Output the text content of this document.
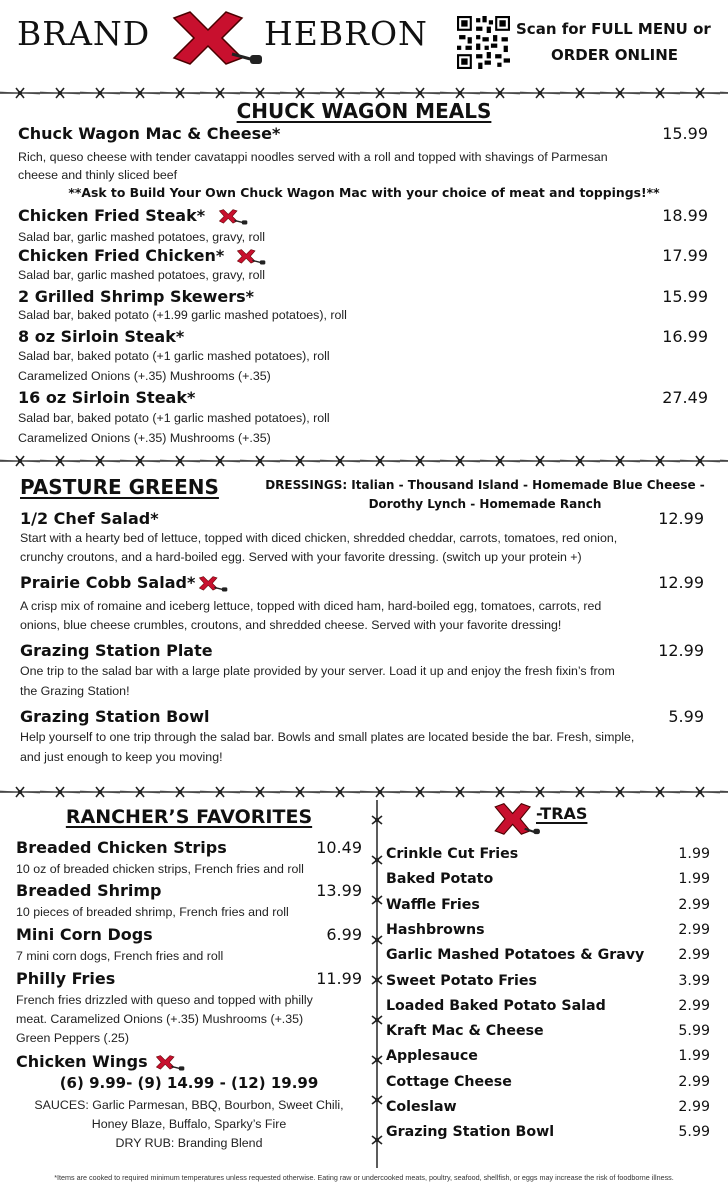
BRAND	HEBRON	Scan for FULL MENU or
ORDER ONLINE
CHUCK WAGON MEALS
Chuck Wagon Mac & Cheese*	15.99
Rich, queso cheese with tender cavatappi noodles served with a roll and topped with shavings of Parmesan
cheese and thinly sliced beef
**Ask to Build Your Own Chuck Wagon Mac with your choice of meat and toppings!**
Chicken Fried Steak*	18.99
Salad bar, garlic mashed potatoes, gravy, roll
Chicken Fried Chicken*	17.99
Salad bar, garlic mashed potatoes, gravy, roll
2 Grilled Shrimp Skewers*	15.99
Salad bar, baked potato (+1.99 garlic mashed potatoes), roll
8 oz Sirloin Steak*	16.99
Salad bar, baked potato (+1 garlic mashed potatoes), roll
Caramelized Onions (+.35) Mushrooms (+.35)
16 oz Sirloin Steak*	27.49
Salad bar, baked potato (+1 garlic mashed potatoes), roll
Caramelized Onions (+.35) Mushrooms (+.35)
PASTURE GREENS	DRESSINGS: Italian - Thousand Island - Homemade Blue Cheese -
Dorothy Lynch - Homemade Ranch
1/2 Chef Salad*	12.99
Start with a hearty bed of lettuce, topped with diced chicken, shredded cheddar, carrots, tomatoes, red onion,
crunchy croutons, and a hard-boiled egg. Served with your favorite dressing. (switch up your protein +)
Prairie Cobb Salad*	12.99
A crisp mix of romaine and iceberg lettuce, topped with diced ham, hard-boiled egg, tomatoes, carrots, red
onions, blue cheese crumbles, croutons, and shredded cheese. Served with your favorite dressing!
Grazing Station Plate	12.99
One trip to the salad bar with a large plate provided by your server. Load it up and enjoy the fresh fixin’s from
the Grazing Station!
Grazing Station Bowl	5.99
Help yourself to one trip through the salad bar. Bowls and small plates are located beside the bar. Fresh, simple,
and just enough to keep you moving!
RANCHER’S FAVORITES
Breaded Chicken Strips	10.49
10 oz of breaded chicken strips, French fries and roll
Breaded Shrimp	13.99
10 pieces of breaded shrimp, French fries and roll
Mini Corn Dogs	6.99
7 mini corn dogs, French fries and roll
Philly Fries	11.99
French fries drizzled with queso and topped with philly
meat. Caramelized Onions (+.35) Mushrooms (+.35)
Green Peppers (.25)
Chicken Wings
(6) 9.99- (9) 14.99 - (12) 19.99
SAUCES: Garlic Parmesan, BBQ, Bourbon, Sweet Chili,
Honey Blaze, Buffalo, Sparky’s Fire
DRY RUB: Branding Blend
-TRAS
Crinkle Cut Fries	1.99
Baked Potato	1.99
Waffle Fries	2.99
Hashbrowns	2.99
Garlic Mashed Potatoes & Gravy 2.99
Sweet Potato Fries	3.99
Loaded Baked Potato Salad	2.99
Kraft Mac & Cheese	5.99
Applesauce	1.99
Cottage Cheese	2.99
Coleslaw	2.99
Grazing Station Bowl	5.99
*Items are cooked to required minimum temperatures unless requested otherwise. Eating raw or undercooked meats, poultry, seafood, shellfish, or eggs may increase the risk of foodborne illness.
